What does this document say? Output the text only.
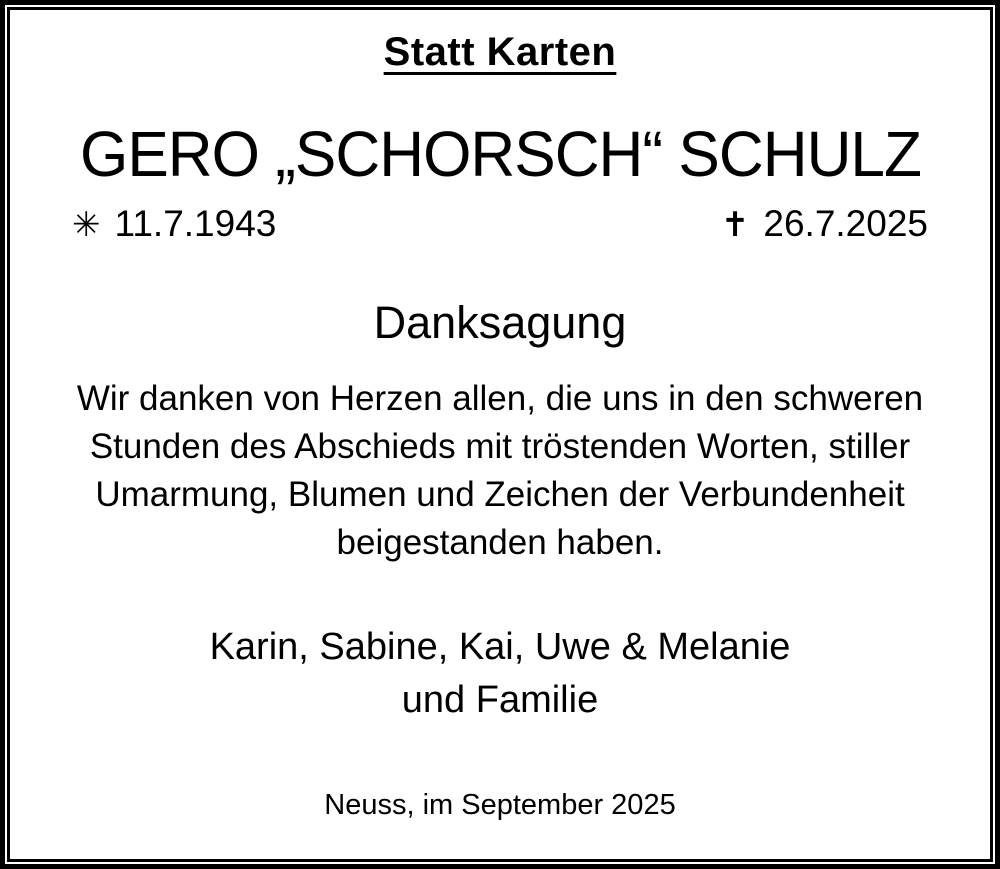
Statt Karten
GERO „SCHORSCH“ SCHULZ
✳ 11.7.1943	✝ 26.7.2025
Danksagung
Wir danken von Herzen allen, die uns in den schweren
Stunden des Abschieds mit tröstenden Worten, stiller
Umarmung, Blumen und Zeichen der Verbundenheit
beigestanden haben.
Karin, Sabine, Kai, Uwe & Melanie
und Familie
Neuss, im September 2025
